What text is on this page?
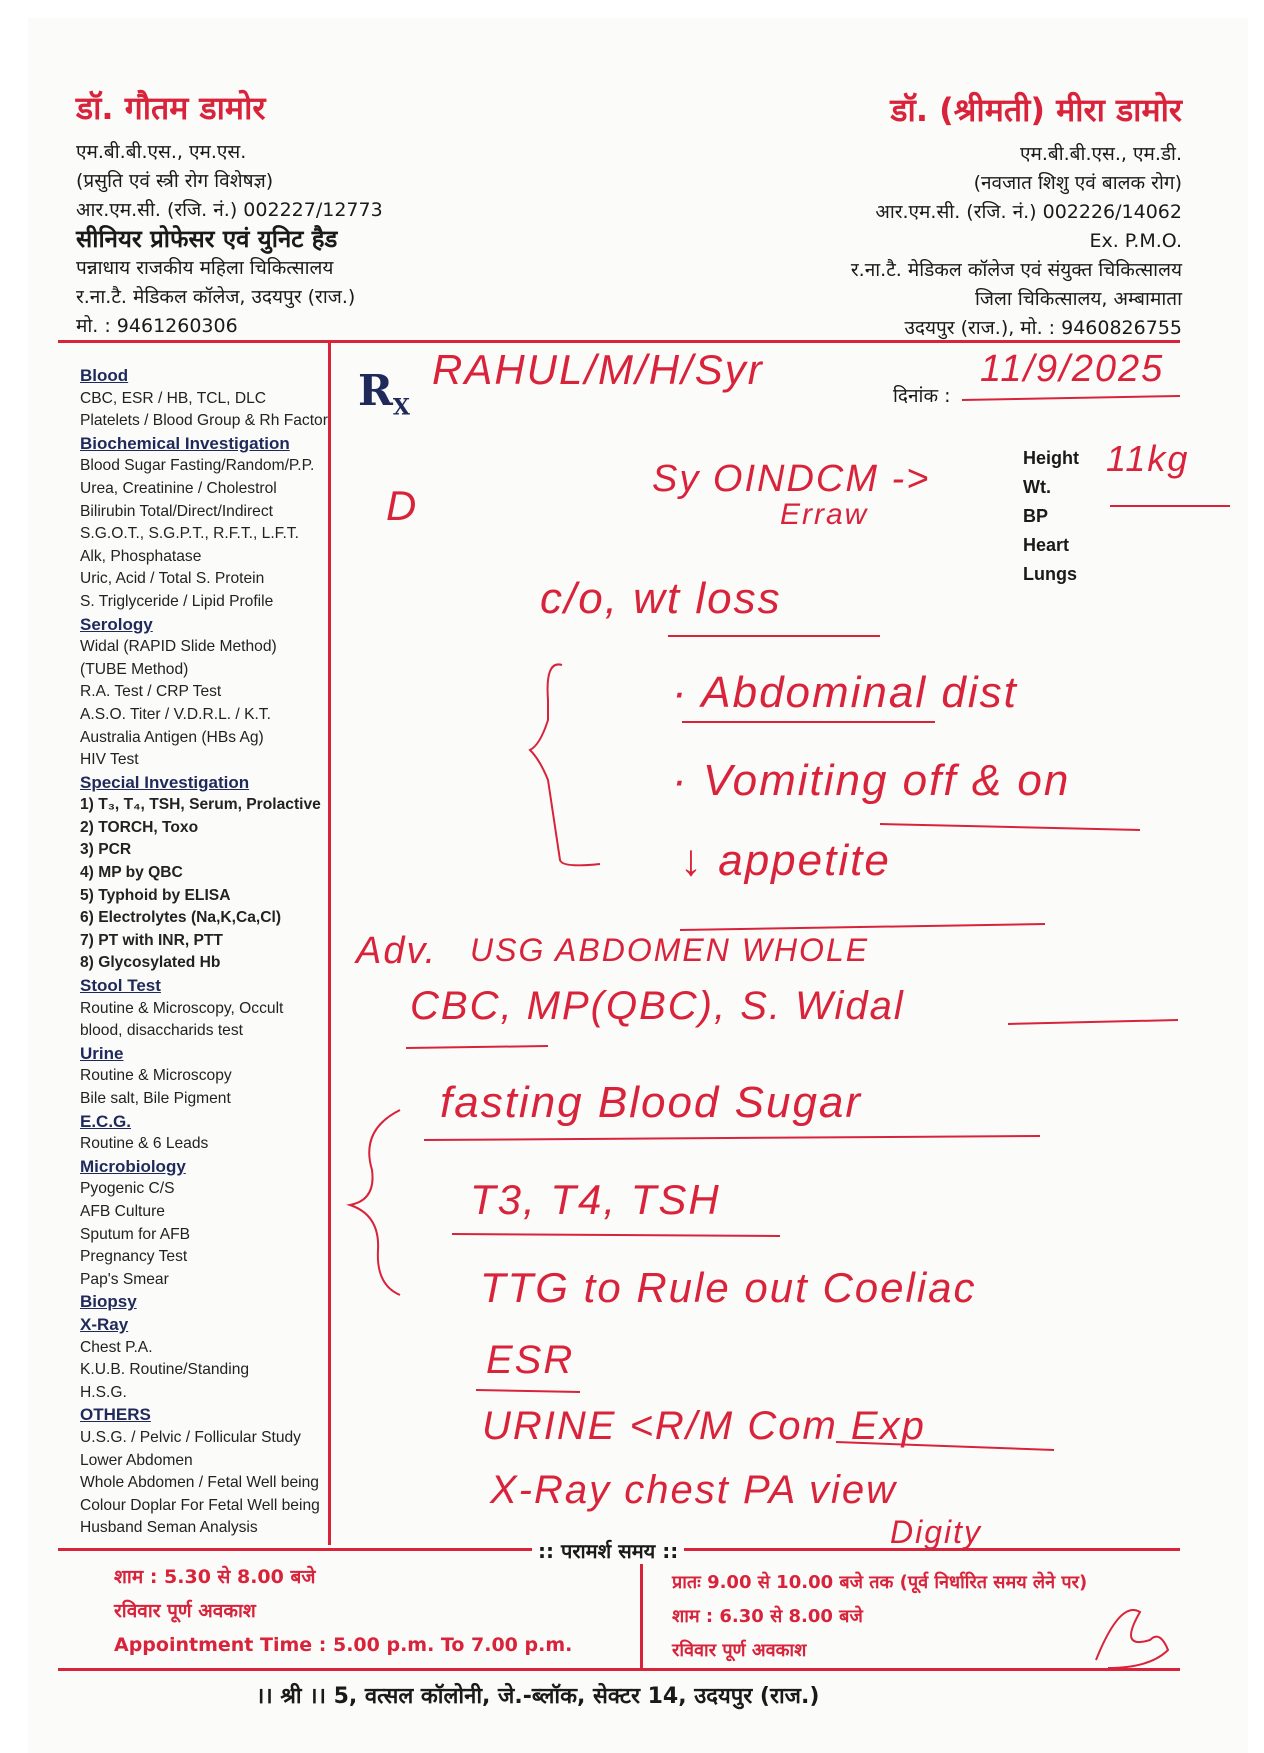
डॉ. गौतम डामोर
एम.बी.बी.एस., एम.एस.
(प्रसुति एवं स्त्री रोग विशेषज्ञ)
आर.एम.सी. (रजि. नं.) 002227/12773
सीनियर प्रोफेसर एवं युनिट हैड
पन्नाधाय राजकीय महिला चिकित्सालय
र.ना.टै. मेडिकल कॉलेज, उदयपुर (राज.)
मो. : 9461260306
डॉ. (श्रीमती) मीरा डामोर
एम.बी.बी.एस., एम.डी.
(नवजात शिशु एवं बालक रोग)
आर.एम.सी. (रजि. नं.) 002226/14062
Ex. P.M.O.
र.ना.टै. मेडिकल कॉलेज एवं संयुक्त चिकित्सालय
जिला चिकित्सालय, अम्बामाता
उदयपुर (राज.), मो. : 9460826755
Blood
CBC, ESR / HB, TCL, DLC
Platelets / Blood Group & Rh Factor
Biochemical Investigation
Blood Sugar Fasting/Random/P.P.
Urea, Creatinine / Cholestrol
Bilirubin Total/Direct/Indirect
S.G.O.T., S.G.P.T., R.F.T., L.F.T.
Alk, Phosphatase
Uric, Acid / Total S. Protein
S. Triglyceride / Lipid Profile
Serology
Widal (RAPID Slide Method)
(TUBE Method)
R.A. Test / CRP Test
A.S.O. Titer / V.D.R.L. / K.T.
Australia Antigen (HBs Ag)
HIV Test
Special Investigation
1) T₃, T₄, TSH, Serum, Prolactive
2) TORCH, Toxo
3) PCR
4) MP by QBC
5) Typhoid by ELISA
6) Electrolytes (Na,K,Ca,Cl)
7) PT with INR, PTT
8) Glycosylated Hb
Stool Test
Routine & Microscopy, Occult
blood, disaccharids test
Urine
Routine & Microscopy
Bile salt, Bile Pigment
E.C.G.
Routine & 6 Leads
Microbiology
Pyogenic C/S
AFB Culture
Sputum for AFB
Pregnancy Test
Pap's Smear
Biopsy
X-Ray
Chest P.A.
K.U.B. Routine/Standing
H.S.G.
OTHERS
U.S.G. / Pelvic / Follicular Study
Lower Abdomen
Whole Abdomen / Fetal Well being
Colour Doplar For Fetal Well being
Husband Seman Analysis
$R_X$	दिनांक :
Height
Wt.
BP
Heart
Lungs
RAHUL/M/H/Syr	11/9/2025
11kg
D
Sy OINDCM ->
Erraw
c/o, wt loss
· Abdominal dist
· Vomiting off & on
↓ appetite
Adv. USG ABDOMEN WHOLE
CBC, MP(QBC), S. Widal
fasting Blood Sugar
T3, T4, TSH
TTG to Rule out Coeliac
ESR
URINE <R/M Com Exp
X-Ray chest PA view
Digity
:: परामर्श समय ::
शाम : 5.30 से 8.00 बजे
रविवार पूर्ण अवकाश
Appointment Time : 5.00 p.m. To 7.00 p.m.
प्रातः 9.00 से 10.00 बजे तक (पूर्व निर्धारित समय लेने पर)
शाम : 6.30 से 8.00 बजे
रविवार पूर्ण अवकाश
।। श्री ।। 5, वत्सल कॉलोनी, जे.-ब्लॉक, सेक्टर 14, उदयपुर (राज.)
